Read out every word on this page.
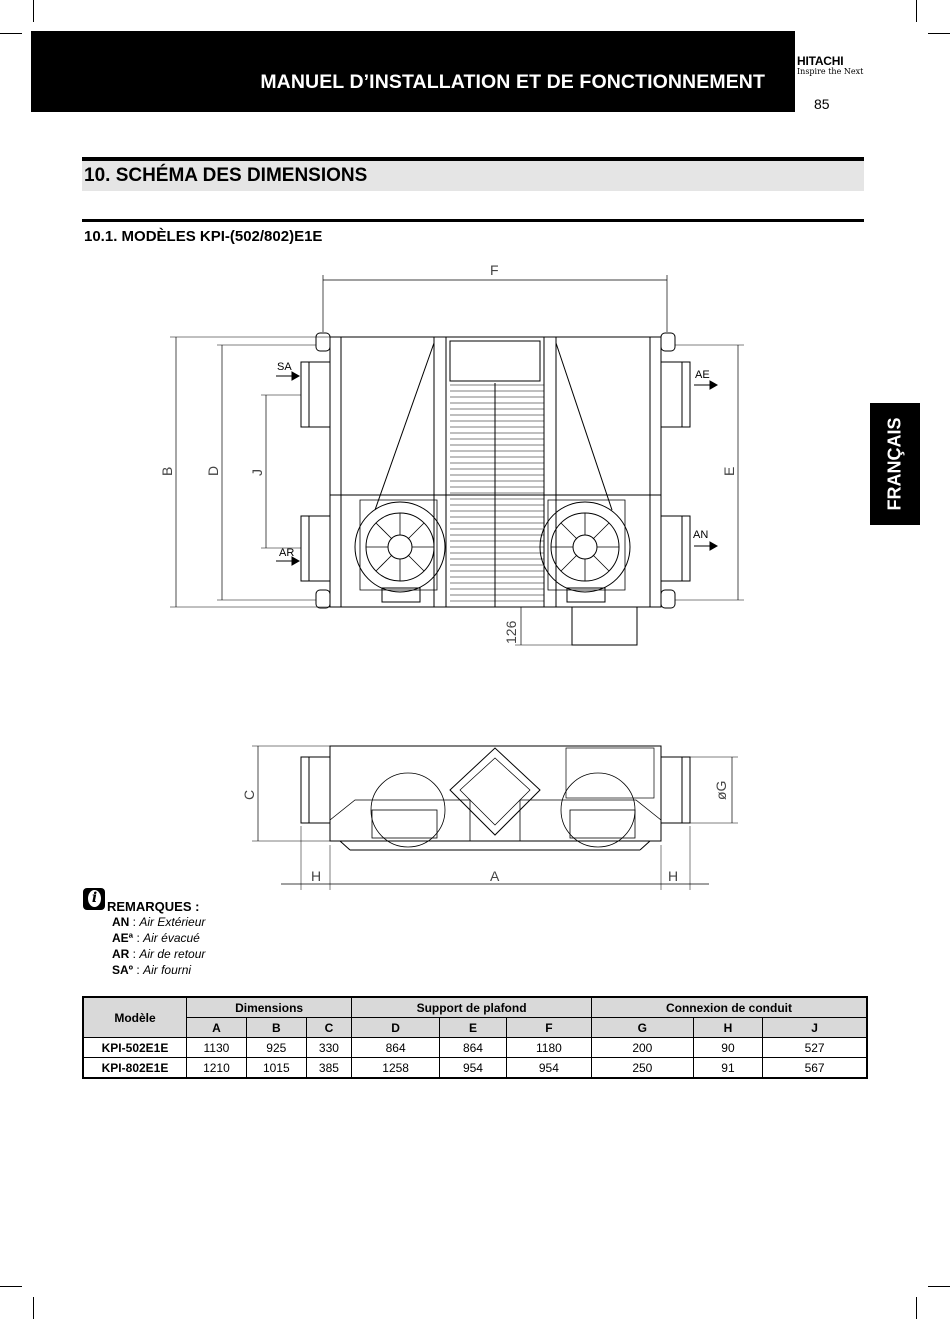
MANUEL D’INSTALLATION ET DE FONCTIONNEMENT
HITACHI
Inspire the Next
85
10. SCHÉMA DES DIMENSIONS
10.1. MODÈLES KPI-(502/802)E1E
FRANÇAIS
F
B D J	E
126
C	øG
H	A	H
SA
AR
AE
AN
i
REMARQUES :
AN : Air Extérieur
AEª : Air évacué
AR : Air de retour
SAº : Air fourni
Modèle	Dimensions			Support de plafond			Connexion de conduit		
	A	B	C	D	E	F	G	H	J
KPI-502E1E	1130	925	330	864	864	1180	200	90	527
KPI-802E1E	1210	1015	385	1258	954	954	250	91	567
